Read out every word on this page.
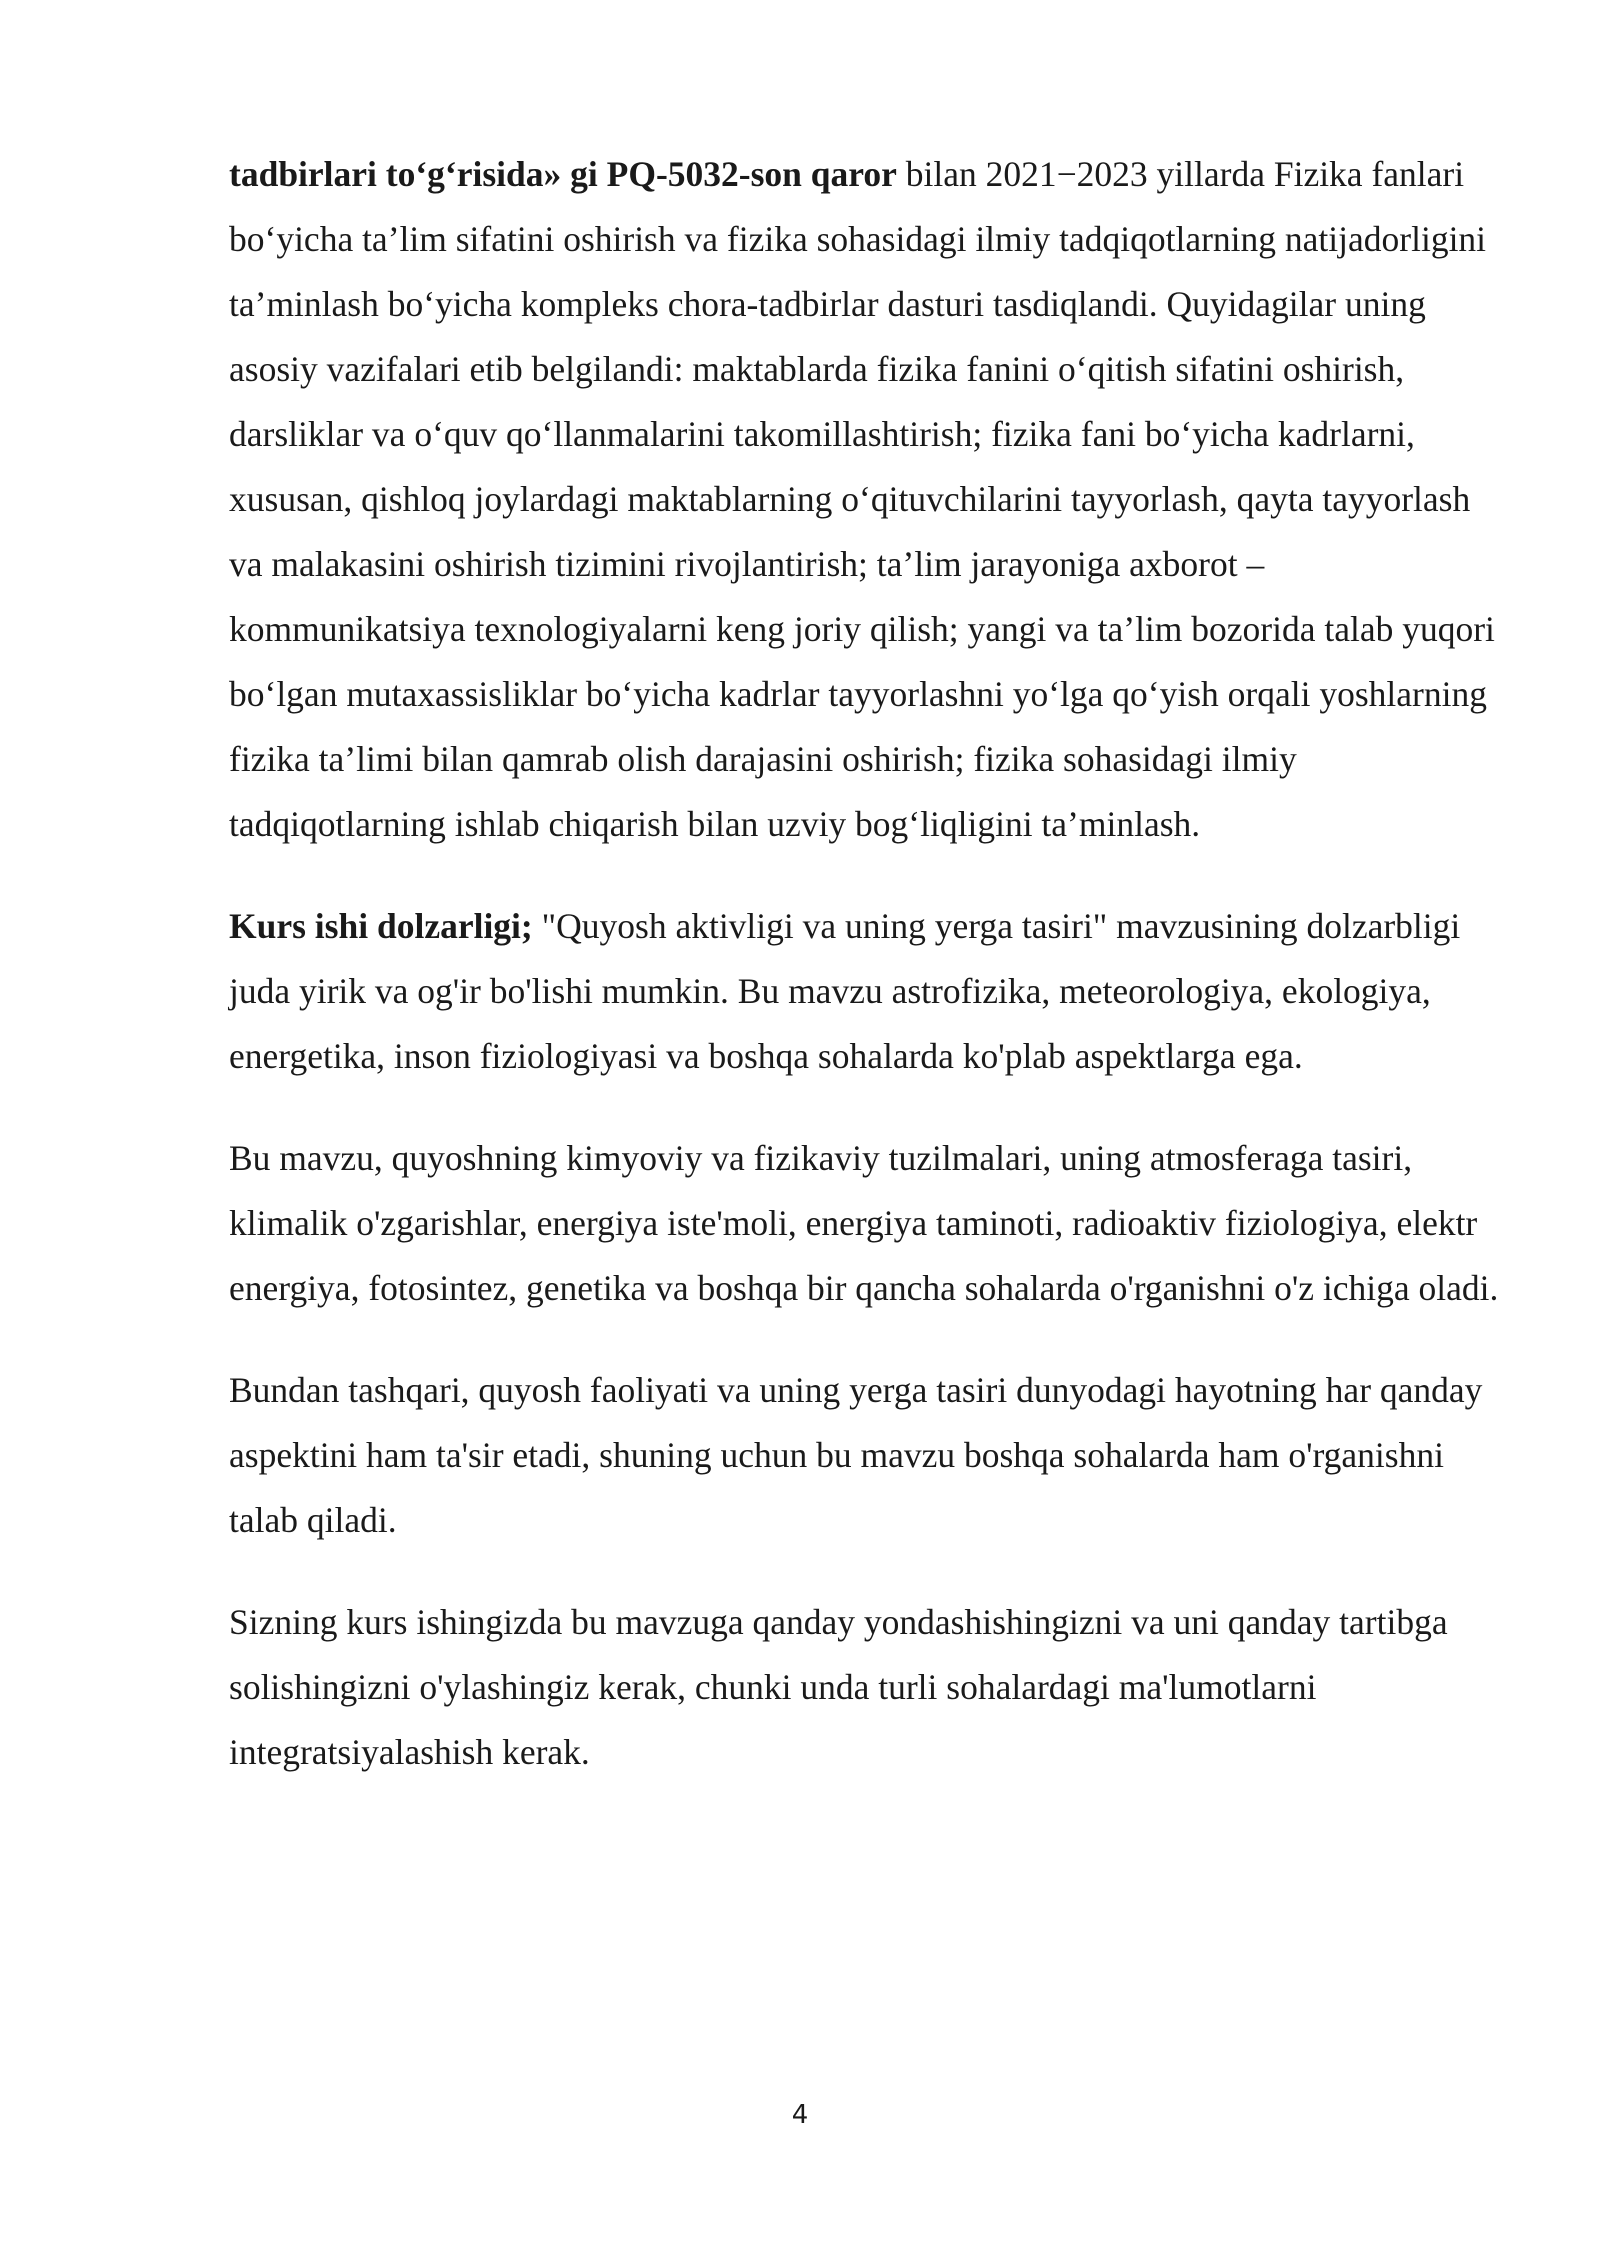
tadbirlari to‘g‘risida» gi PQ-5032-son qaror bilan 2021−2023 yillarda Fizika fanlari bo‘yicha ta’lim sifatini oshirish va fizika sohasidagi ilmiy tadqiqotlarning natijadorligini ta’minlash bo‘yicha kompleks chora-tadbirlar dasturi tasdiqlandi. Quyidagilar uning asosiy vazifalari etib belgilandi: maktablarda fizika fanini o‘qitish sifatini oshirish, darsliklar va o‘quv qo‘llanmalarini takomillashtirish; fizika fani bo‘yicha kadrlarni, xususan, qishloq joylardagi maktablarning o‘qituvchilarini tayyorlash, qayta tayyorlash va malakasini oshirish tizimini rivojlantirish; ta’lim jarayoniga axborot – kommunikatsiya texnologiyalarni keng joriy qilish; yangi va ta’lim bozorida talab yuqori bo‘lgan mutaxassisliklar bo‘yicha kadrlar tayyorlashni yo‘lga qo‘yish orqali yoshlarning fizika ta’limi bilan qamrab olish darajasini oshirish; fizika sohasidagi ilmiy tadqiqotlarning ishlab chiqarish bilan uzviy bog‘liqligini ta’minlash.

Kurs ishi dolzarligi; "Quyosh aktivligi va uning yerga tasiri" mavzusining dolzarbligi juda yirik va og'ir bo'lishi mumkin. Bu mavzu astrofizika, meteorologiya, ekologiya, energetika, inson fiziologiyasi va boshqa sohalarda ko'plab aspektlarga ega.

Bu mavzu, quyoshning kimyoviy va fizikaviy tuzilmalari, uning atmosferaga tasiri, klimalik o'zgarishlar, energiya iste'moli, energiya taminoti, radioaktiv fiziologiya, elektr energiya, fotosintez, genetika va boshqa bir qancha sohalarda o'rganishni o'z ichiga oladi.

Bundan tashqari, quyosh faoliyati va uning yerga tasiri dunyodagi hayotning har qanday aspektini ham ta'sir etadi, shuning uchun bu mavzu boshqa sohalarda ham o'rganishni talab qiladi.

Sizning kurs ishingizda bu mavzuga qanday yondashishingizni va uni qanday tartibga solishingizni o'ylashingiz kerak, chunki unda turli sohalardagi ma'lumotlarni integratsiyalashish kerak.

4
